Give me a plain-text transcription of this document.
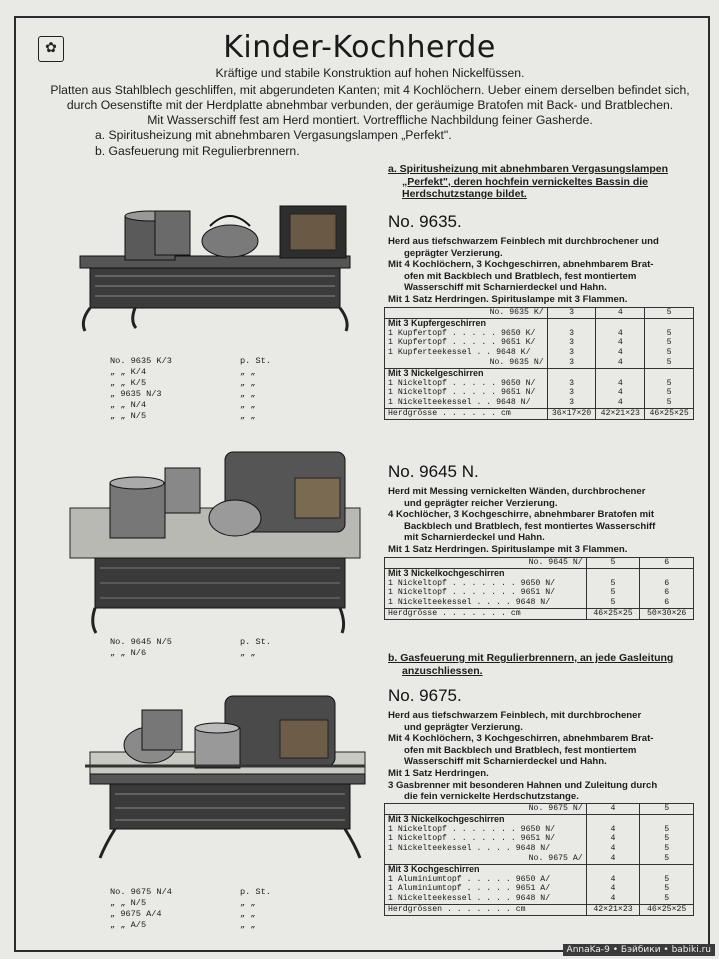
✿	Kinder-Kochherde
Kräftige und stabile Konstruktion auf hohen Nickelfüssen.
Platten aus Stahlblech geschliffen, mit abgerundeten Kanten; mit 4 Kochlöchern. Ueber einem derselben befindet sich,
durch Oesenstifte mit der Herdplatte abnehmbar verbunden, der geräumige Bratofen mit Back- und Bratblechen.
Mit Wasserschiff fest am Herd montiert. Vortreffliche Nachbildung feiner Gasherde.
a. Spiritusheizung mit abnehmbaren Vergasungslampen „Perfekt".
b. Gasfeuerung mit Regulierbrennern.
a. Spiritusheizung mit abnehmbaren Vergasungslampen
„Perfekt", deren hochfein vernickeltes Bassin die
Herdschutzstange bildet.
No. 9635.
Herd aus tiefschwarzem Feinblech mit durchbrochener und
geprägter Verzierung.
Mit 4 Kochlöchern, 3 Kochgeschirren, abnehmbarem Brat-
ofen mit Backblech und Bratblech, fest montiertem
Wasserschiff mit Scharnierdeckel und Hahn.
Mit 1 Satz Herdringen. Spirituslampe mit 3 Flammen.
No. 9635 K/	3	4	5
Mit 3 Kupfergeschirren			
1 Kupfertopf . . . . . 9650 K/	3	4	5
1 Kupfertopf . . . . . 9651 K/	3	4	5
1 Kupferteekessel . . 9648 K/	3	4	5
No. 9635 N/	3	4	5
Mit 3 Nickelgeschirren			
1 Nickeltopf . . . . . 9650 N/	3	4	5
1 Nickeltopf . . . . . 9651 N/	3	4	5
1 Nickelteekessel . . 9648 N/	3	4	5
Herdgrösse . . . . . . cm	36×17×20	42×21×23	46×25×25
No. 9645 N.
Herd mit Messing vernickelten Wänden, durchbrochener
und geprägter reicher Verzierung.
4 Kochlöcher, 3 Kochgeschirre, abnehmbarer Bratofen mit
Backblech und Bratblech, fest montiertes Wasserschiff
mit Scharnierdeckel und Hahn.
Mit 1 Satz Herdringen. Spirituslampe mit 3 Flammen.
No. 9645 N/	5	6
Mit 3 Nickelkochgeschirren		
1 Nickeltopf . . . . . . . 9650 N/	5	6
1 Nickeltopf . . . . . . . 9651 N/	5	6
1 Nickelteekessel . . . . 9648 N/	5	6
Herdgrösse . . . . . . . cm	46×25×25	50×30×26
b. Gasfeuerung mit Regulierbrennern, an jede Gasleitung
anzuschliessen.
No. 9675.
Herd aus tiefschwarzem Feinblech, mit durchbrochener
und geprägter Verzierung.
Mit 4 Kochlöchern, 3 Kochgeschirren, abnehmbarem Brat-
ofen mit Backblech und Bratblech, fest montiertem
Wasserschiff mit Scharnierdeckel und Hahn.
Mit 1 Satz Herdringen.
3 Gasbrenner mit besonderen Hahnen und Zuleitung durch
die fein vernickelte Herdschutzstange.
No. 9675 N/	4	5
Mit 3 Nickelkochgeschirren		
1 Nickeltopf . . . . . . . 9650 N/	4	5
1 Nickeltopf . . . . . . . 9651 N/	4	5
1 Nickelteekessel . . . . 9648 N/	4	5
No. 9675 A/	4	5
Mit 3 Kochgeschirren		
1 Aluminiumtopf . . . . . 9650 A/	4	5
1 Aluminiumtopf . . . . . 9651 A/	4	5
1 Nickelteekessel . . . . 9648 N/	4	5
Herdgrössen . . . . . . . cm	42×21×23	46×25×25
No. 9635 K/3	p. St.
„ „ K/4	„ „
„ „ K/5	„ „
„ 9635 N/3	„ „
„ „ N/4	„ „
„ „ N/5	„ „
No. 9645 N/5	p. St.
„ „ N/6	„ „
No. 9675 N/4	p. St.
„ „ N/5	„ „
„ 9675 A/4	„ „
„ „ A/5	„ „
AnnaKa-9 • Бэйбики • babiki.ru
